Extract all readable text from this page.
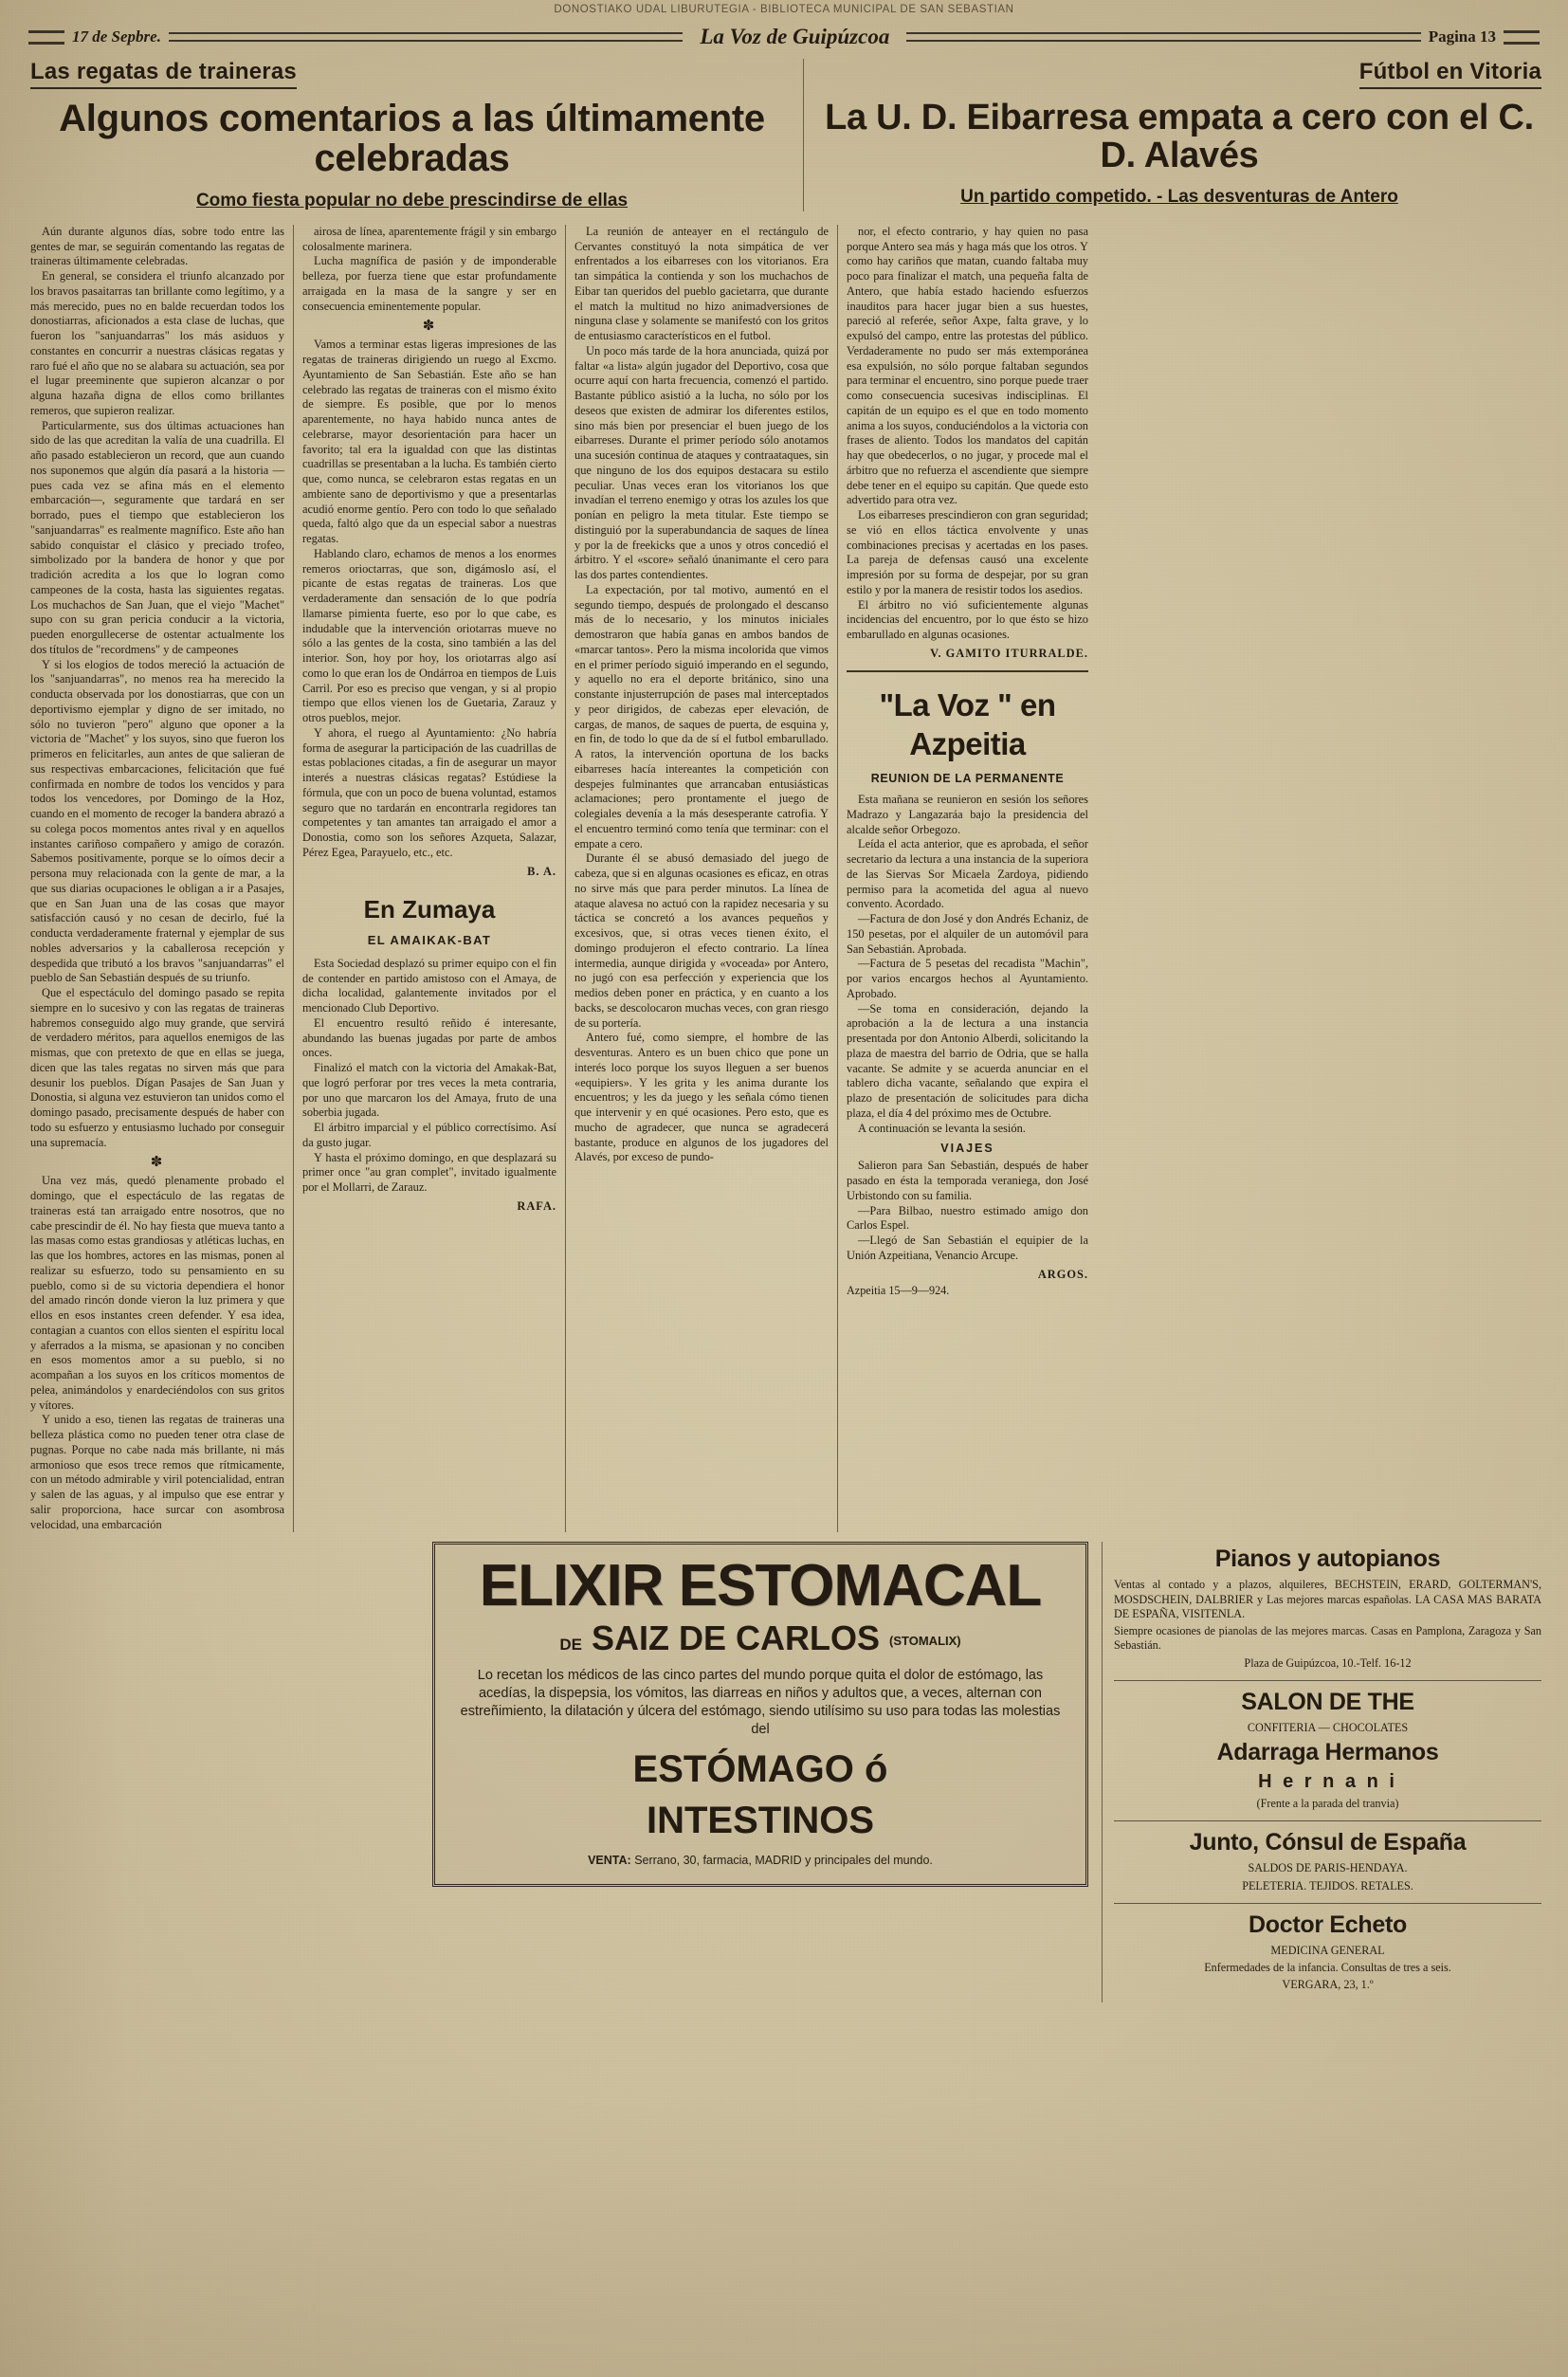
DONOSTIAKO UDAL LIBURUTEGIA - BIBLIOTECA MUNICIPAL DE SAN SEBASTIAN
17 de Sepbre.	La Voz de Guipúzcoa	Pagina 13
Las regatas de traineras
Algunos comentarios a las últimamente celebradas
Como fiesta popular no debe prescindirse de ellas
Fútbol en Vitoria
La U. D. Eibarresa empata a cero con el C. D. Alavés
Un partido competido. - Las desventuras de Antero

Aún durante algunos días, sobre todo entre las gentes de mar, se seguirán comentando las regatas de traineras últimamente celebradas.

En general, se considera el triunfo alcanzado por los bravos pasaitarras tan brillante como legítimo, y a más merecido, pues no en balde recuerdan todos los donostiarras, aficionados a esta clase de luchas, que fueron los "sanjuandarras" los más asiduos y constantes en concurrir a nuestras clásicas regatas y raro fué el año que no se alabara su actuación, sea por el lugar preeminente que supieron alcanzar o por alguna hazaña digna de ellos como brillantes remeros, que supieron realizar.

Particularmente, sus dos últimas actuaciones han sido de las que acreditan la valía de una cuadrilla. El año pasado establecieron un record, que aun cuando nos suponemos que algún día pasará a la historia —pues cada vez se afina más en el elemento embarcación—, seguramente que tardará en ser borrado, pues el tiempo que establecieron los "sanjuandarras" es realmente magnífico. Este año han sabido conquistar el clásico y preciado trofeo, simbolizado por la bandera de honor y que por tradición acredita a los que lo logran como campeones de la costa, hasta las siguientes regatas. Los muchachos de San Juan, que el viejo "Machet" supo con su gran pericia conducir a la victoria, pueden enorgullecerse de ostentar actualmente los dos títulos de "recordmens" y de campeones

Y si los elogios de todos mereció la actuación de los "sanjuandarras", no menos rea ha merecido la conducta observada por los donostiarras, que con un deportivismo ejemplar y digno de ser imitado, no sólo no tuvieron "pero" alguno que oponer a la victoria de "Machet" y los suyos, sino que fueron los primeros en felicitarles, aun antes de que salieran de sus respectivas embarcaciones, felicitación que fué confirmada en nombre de todos los vencidos y para todos los vencedores, por Domingo de la Hoz, cuando en el momento de recoger la bandera abrazó a su colega pocos momentos antes rival y en aquellos instantes cariñoso compañero y amigo de corazón. Sabemos positivamente, porque se lo oímos decir a persona muy relacionada con la gente de mar, a la que sus diarias ocupaciones le obligan a ir a Pasajes, que en San Juan una de las cosas que mayor satisfacción causó y no cesan de decirlo, fué la conducta verdaderamente fraternal y ejemplar de sus nobles adversarios y la caballerosa recepción y despedida que tributó a los bravos "sanjuandarras" el pueblo de San Sebastián después de su triunfo.

Que el espectáculo del domingo pasado se repita siempre en lo sucesivo y con las regatas de traineras habremos conseguido algo muy grande, que servirá de verdadero méritos, para aquellos enemigos de las mismas, que con pretexto de que en ellas se juega, dicen que las tales regatas no sirven más que para desunir los pueblos. Dígan Pasajes de San Juan y Donostia, si alguna vez estuvieron tan unidos como el domingo pasado, precisamente después de haber con todo su esfuerzo y entusiasmo luchado por conseguir una supremacía.

✽

Una vez más, quedó plenamente probado el domingo, que el espectáculo de las regatas de traineras está tan arraigado entre nosotros, que no cabe prescindir de él. No hay fiesta que mueva tanto a las masas como estas grandiosas y atléticas luchas, en las que los hombres, actores en las mismas, ponen al realizar su esfuerzo, todo su pensamiento en su pueblo, como si de su victoria dependiera el honor del amado rincón donde vieron la luz primera y que ellos en esos instantes creen defender. Y esa idea, contagian a cuantos con ellos sienten el espíritu local y aferrados a la misma, se apasionan y no conciben en esos momentos amor a su pueblo, si no acompañan a los suyos en los críticos momentos de pelea, animándolos y enardeciéndolos con sus gritos y vítores.

Y unido a eso, tienen las regatas de traineras una belleza plástica como no pueden tener otra clase de pugnas. Porque no cabe nada más brillante, ni más armonioso que esos trece remos que rítmicamente, con un método admirable y viril potencialidad, entran y salen de las aguas, y al impulso que ese entrar y salir proporciona, hace surcar con asombrosa velocidad, una embarcación

airosa de línea, aparentemente frágil y sin embargo colosalmente marinera.

Lucha magnífica de pasión y de imponderable belleza, por fuerza tiene que estar profundamente arraigada en la masa de la sangre y ser en consecuencia eminentemente popular.

✽

Vamos a terminar estas ligeras impresiones de las regatas de traineras dirigiendo un ruego al Excmo. Ayuntamiento de San Sebastián. Este año se han celebrado las regatas de traineras con el mismo éxito de siempre. Es posible, que por lo menos aparentemente, no haya habido nunca antes de celebrarse, mayor desorientación para hacer un favorito; tal era la igualdad con que las distintas cuadrillas se presentaban a la lucha. Es también cierto que, como nunca, se celebraron estas regatas en un ambiente sano de deportivismo y que a presentarlas acudió enorme gentío. Pero con todo lo que señalado queda, faltó algo que da un especial sabor a nuestras regatas.

Hablando claro, echamos de menos a los enormes remeros orioctarras, que son, digámoslo así, el picante de estas regatas de traineras. Los que verdaderamente dan sensación de lo que podría llamarse pimienta fuerte, eso por lo que cabe, es indudable que la intervención oriotarras mueve no sólo a las gentes de la costa, sino también a las del interior. Son, hoy por hoy, los oriotarras algo así como lo que eran los de Ondárroa en tiempos de Luis Carril. Por eso es preciso que vengan, y si al propio tiempo que ellos vienen los de Guetaria, Zarauz y otros pueblos, mejor.

Y ahora, el ruego al Ayuntamiento: ¿No habría forma de asegurar la participación de las cuadrillas de estas poblaciones citadas, a fin de asegurar un mayor interés a nuestras clásicas regatas? Estúdiese la fórmula, que con un poco de buena voluntad, estamos seguro que no tardarán en encontrarla regidores tan competentes y tan amantes tan arraigado el amor a Donostia, como son los señores Azqueta, Salazar, Pérez Egea, Parayuelo, etc., etc.

B. A.
En Zumaya
EL AMAIKAK-BAT

Esta Sociedad desplazó su primer equipo con el fin de contender en partido amistoso con el Amaya, de dicha localidad, galantemente invitados por el mencionado Club Deportivo.

El encuentro resultó reñido é interesante, abundando las buenas jugadas por parte de ambos onces.

Finalizó el match con la victoria del Amakak-Bat, que logró perforar por tres veces la meta contraria, por uno que marcaron los del Amaya, fruto de una soberbia jugada.

El árbitro imparcial y el público correctísimo. Así da gusto jugar.

Y hasta el próximo domingo, en que desplazará su primer once "au gran complet", invitado igualmente por el Mollarri, de Zarauz.

RAFA.

La reunión de anteayer en el rectángulo de Cervantes constituyó la nota simpática de ver enfrentados a los eibarreses con los vitorianos. Era tan simpática la contienda y son los muchachos de Eibar tan queridos del pueblo gacietarra, que durante el match la multitud no hizo animadversiones de ninguna clase y solamente se manifestó con los gritos de entusiasmo característicos en el futbol.

Un poco más tarde de la hora anunciada, quizá por faltar «a lista» algún jugador del Deportivo, cosa que ocurre aquí con harta frecuencia, comenzó el partido. Bastante público asistió a la lucha, no sólo por los deseos que existen de admirar los diferentes estilos, sino más bien por presenciar el buen juego de los eibarreses. Durante el primer período sólo anotamos una sucesión continua de ataques y contraataques, sin que ninguno de los dos equipos destacara su estilo peculiar. Unas veces eran los vitorianos los que invadían el terreno enemigo y otras los azules los que ponían en peligro la meta titular. Este tiempo se distinguió por la superabundancia de saques de línea y por la de freekicks que a unos y otros concedió el árbitro. Y el «score» señaló únanimante el cero para las dos partes contendientes.

La expectación, por tal motivo, aumentó en el segundo tiempo, después de prolongado el descanso más de lo necesario, y los minutos iniciales demostraron que había ganas en ambos bandos de «marcar tantos». Pero la misma incolorida que vimos en el primer período siguió imperando en el segundo, y aquello no era el deporte británico, sino una constante injusterrupción de pases mal interceptados y peor dirigidos, de cabezas eper elevación, de cargas, de manos, de saques de puerta, de esquina y, en fin, de todo lo que da de sí el futbol embarullado. A ratos, la intervención oportuna de los backs eibarreses hacía intereantes la competición con despejes fulminantes que arrancaban entusiásticas aclamaciones; pero prontamente el juego de colegiales devenía a la más desesperante catrofia. Y el encuentro terminó como tenía que terminar: con el empate a cero.

Durante él se abusó demasiado del juego de cabeza, que si en algunas ocasiones es eficaz, en otras no sirve más que para perder minutos. La línea de ataque alavesa no actuó con la rapidez necesaria y su táctica se concretó a los avances pequeños y excesivos, que, si otras veces tienen éxito, el domingo produjeron el efecto contrario. La línea intermedia, aunque dirigida y «voceada» por Antero, no jugó con esa perfección y experiencia que los medios deben poner en práctica, y en cuanto a los backs, se descolocaron muchas veces, con gran riesgo de su portería.

Antero fué, como siempre, el hombre de las desventuras. Antero es un buen chico que pone un interés loco porque los suyos lleguen a ser buenos «equipiers». Y les grita y les anima durante los encuentros; y les da juego y les señala cómo tienen que intervenir y en qué ocasiones. Pero esto, que es mucho de agradecer, que nunca se agradecerá bastante, produce en algunos de los jugadores del Alavés, por exceso de pundo-

nor, el efecto contrario, y hay quien no pasa porque Antero sea más y haga más que los otros. Y como hay cariños que matan, cuando faltaba muy poco para finalizar el match, una pequeña falta de Antero, que había estado haciendo esfuerzos inauditos para hacer jugar bien a sus huestes, pareció al referée, señor Axpe, falta grave, y lo expulsó del campo, entre las protestas del público. Verdaderamente no pudo ser más extemporánea esa expulsión, no sólo porque faltaban segundos para terminar el encuentro, sino porque puede traer como consecuencia sucesivas indisciplinas. El capitán de un equipo es el que en todo momento anima a los suyos, conduciéndolos a la victoria con frases de aliento. Todos los mandatos del capitán hay que obedecerlos, o no jugar, y procede mal el árbitro que no refuerza el ascendiente que siempre debe tener en el equipo su capitán. Que quede esto advertido para otra vez.

Los eibarreses prescindieron con gran seguridad; se vió en ellos táctica envolvente y unas combinaciones precisas y acertadas en los pases. La pareja de defensas causó una excelente impresión por su forma de despejar, por su gran estilo y por la manera de resistir todos los asedios.

El árbitro no vió suficientemente algunas incidencias del encuentro, por lo que ésto se hizo embarullado en algunas ocasiones.

V. GAMITO ITURRALDE.
"La Voz " en Azpeitia
REUNION DE LA PERMANENTE

Esta mañana se reunieron en sesión los señores Madrazo y Langazaráa bajo la presidencia del alcalde señor Orbegozo.

Leída el acta anterior, que es aprobada, el señor secretario da lectura a una instancia de la superiora de las Siervas Sor Micaela Zardoya, pidiendo permiso para la acometida del agua al nuevo convento. Acordado.

—Factura de don José y don Andrés Echaniz, de 150 pesetas, por el alquiler de un automóvil para San Sebastián. Aprobada.

—Factura de 5 pesetas del recadista "Machin", por varios encargos hechos al Ayuntamiento. Aprobado.

—Se toma en consideración, dejando la aprobación a la de lectura a una instancia presentada por don Antonio Alberdi, solicitando la plaza de maestra del barrio de Odria, que se halla vacante. Se admite y se acuerda anunciar en el tablero dicha vacante, señalando que expira el plazo de presentación de solicitudes para dicha plaza, el día 4 del próximo mes de Octubre.

A continuación se levanta la sesión.

VIAJES

Salieron para San Sebastián, después de haber pasado en ésta la temporada veraniega, don José Urbistondo con su familia.

—Para Bilbao, nuestro estimado amigo don Carlos Espel.

—Llegó de San Sebastián el equipier de la Unión Azpeitiana, Venancio Arcupe.

ARGOS.
Azpeitia 15—9—924.
ELIXIR ESTOMACAL
DE SAIZ DE CARLOS (STOMALIX)
Lo recetan los médicos de las cinco partes del mundo porque quita el dolor de estómago, las acedías, la dispepsia, los vómitos, las diarreas en niños y adultos que, a veces, alternan con estreñimiento, la dilatación y úlcera del estómago, siendo utilísimo su uso para todas las molestias del
ESTÓMAGO ó
INTESTINOS
VENTA: Serrano, 30, farmacia, MADRID y principales del mundo.
Pianos y autopianos

Ventas al contado y a plazos, alquileres, BECHSTEIN, ERARD, GOLTERMAN'S, MOSDSCHEIN, DALBRIER y Las mejores marcas españolas. LA CASA MAS BARATA DE ESPAÑA, VISITENLA.

Siempre ocasiones de pianolas de las mejores marcas. Casas en Pamplona, Zaragoza y San Sebastián.

Plaza de Guipúzcoa, 10.-Telf. 16-12

SALON DE THE

CONFITERIA — CHOCOLATES

Adarraga Hermanos
H e r n a n i

(Frente a la parada del tranvia)

Junto, Cónsul de España

SALDOS DE PARIS-HENDAYA.

PELETERIA. TEJIDOS. RETALES.

Doctor Echeto

MEDICINA GENERAL

Enfermedades de la infancia. Consultas de tres a seis.

VERGARA, 23, 1.º
